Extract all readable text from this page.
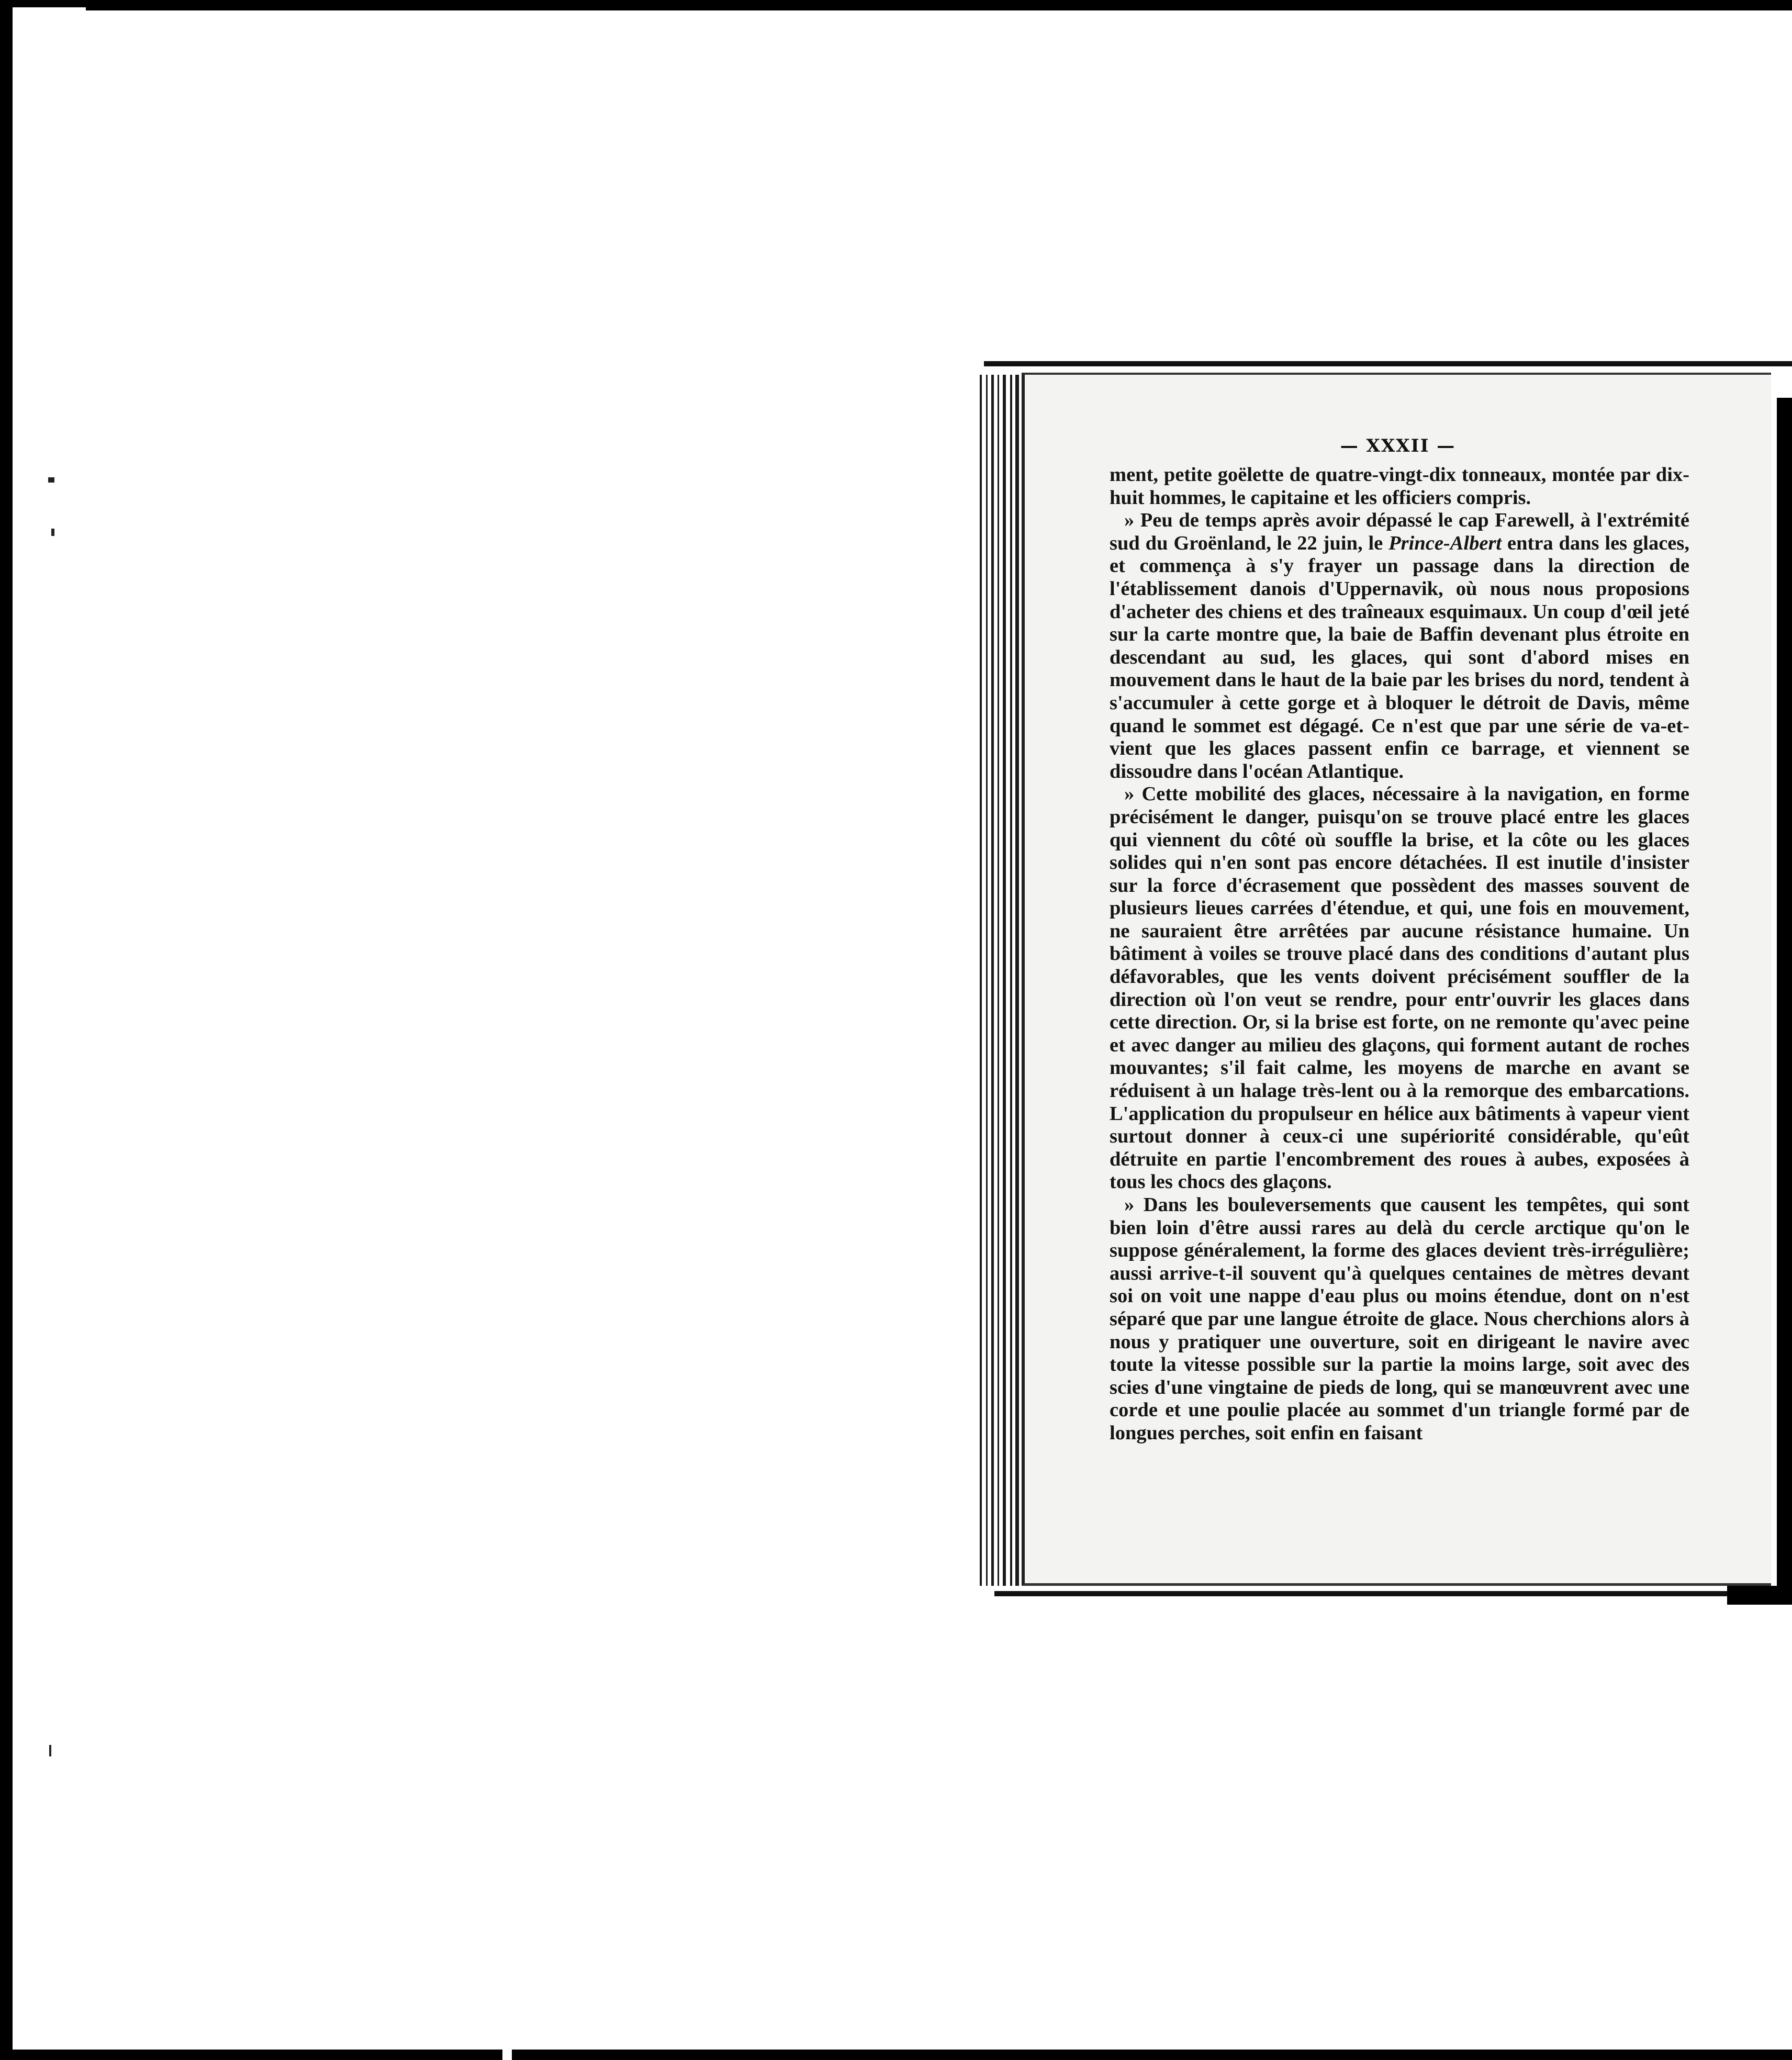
— XXXII —

ment, petite goëlette de quatre-vingt-dix tonneaux, montée par dix-huit hommes, le capitaine et les officiers compris.

» Peu de temps après avoir dépassé le cap Farewell, à l'extrémité sud du Groënland, le 22 juin, le Prince-Albert entra dans les glaces, et commença à s'y frayer un passage dans la direction de l'établissement danois d'Uppernavik, où nous nous proposions d'acheter des chiens et des traîneaux esquimaux. Un coup d'œil jeté sur la carte montre que, la baie de Baffin devenant plus étroite en descendant au sud, les glaces, qui sont d'abord mises en mouvement dans le haut de la baie par les brises du nord, tendent à s'accumuler à cette gorge et à bloquer le détroit de Davis, même quand le sommet est dégagé. Ce n'est que par une série de va-et-vient que les glaces passent enfin ce barrage, et viennent se dissoudre dans l'océan Atlantique.

» Cette mobilité des glaces, nécessaire à la navigation, en forme précisément le danger, puisqu'on se trouve placé entre les glaces qui viennent du côté où souffle la brise, et la côte ou les glaces solides qui n'en sont pas encore détachées. Il est inutile d'insister sur la force d'écrasement que possèdent des masses souvent de plusieurs lieues carrées d'étendue, et qui, une fois en mouvement, ne sauraient être arrêtées par aucune résistance humaine. Un bâtiment à voiles se trouve placé dans des conditions d'autant plus défavorables, que les vents doivent précisément souffler de la direction où l'on veut se rendre, pour entr'ouvrir les glaces dans cette direction. Or, si la brise est forte, on ne remonte qu'avec peine et avec danger au milieu des glaçons, qui forment autant de roches mouvantes; s'il fait calme, les moyens de marche en avant se réduisent à un halage très-lent ou à la remorque des embarcations. L'application du propulseur en hélice aux bâtiments à vapeur vient surtout donner à ceux-ci une supériorité considérable, qu'eût détruite en partie l'encombrement des roues à aubes, exposées à tous les chocs des glaçons.

» Dans les bouleversements que causent les tempêtes, qui sont bien loin d'être aussi rares au delà du cercle arctique qu'on le suppose généralement, la forme des glaces devient très-irrégulière; aussi arrive-t-il souvent qu'à quelques centaines de mètres devant soi on voit une nappe d'eau plus ou moins étendue, dont on n'est séparé que par une langue étroite de glace. Nous cherchions alors à nous y pratiquer une ouverture, soit en dirigeant le navire avec toute la vitesse possible sur la partie la moins large, soit avec des scies d'une vingtaine de pieds de long, qui se manœuvrent avec une corde et une poulie placée au sommet d'un triangle formé par de longues perches, soit enfin en faisant
